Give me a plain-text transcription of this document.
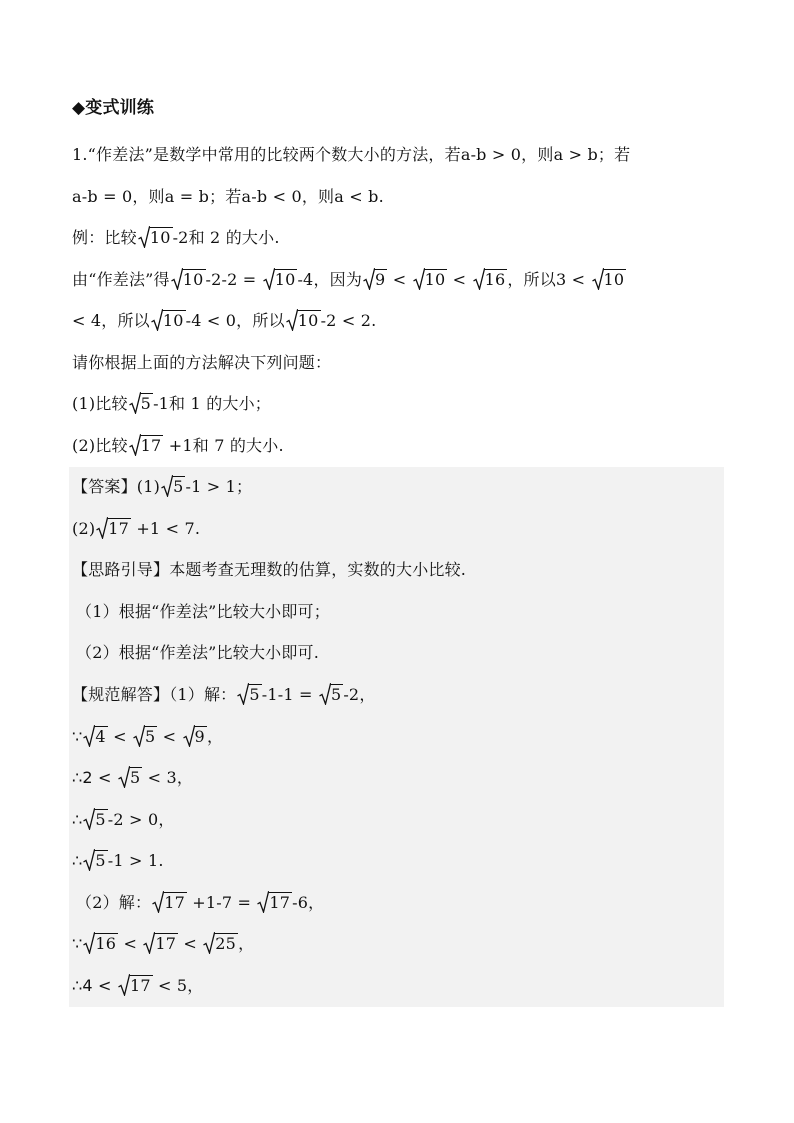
◆变式训练
1.“作差法”是数学中常用的比较两个数大小的方法，若a-b > 0，则a > b；若
a-b = 0，则a = b；若a-b < 0，则a < b.
例：比较 10 -2和 2 的大小.
由“作差法”得 10 -2-2 =
10 -4，因为 9 <
10 <
16 ，所以3 <
10
< 4，所以 10 -4 < 0，所以 10 -2 < 2.
请你根据上面的方法解决下列问题：
(1)比较 5 -1和 1 的大小；
(2)比较 17 +1和 7 的大小.
【答案】(1) 5 -1 > 1；
(2) 17 +1 < 7.
【思路引导】本题考查无理数的估算，实数的大小比较.
（1）根据“作差法”比较大小即可；
（2）根据“作差法”比较大小即可.
【规范解答】（1）解： 5 -1-1 =
5 -2，
∵ 4 <
5 <
9 ，
∴2 <
5 < 3，
∴ 5 -2 > 0，
∴ 5 -1 > 1.
（2）解： 17 +1-7 =
17 -6，
∵ 16 <
17 <
25 ，
∴4 <
17 < 5，
